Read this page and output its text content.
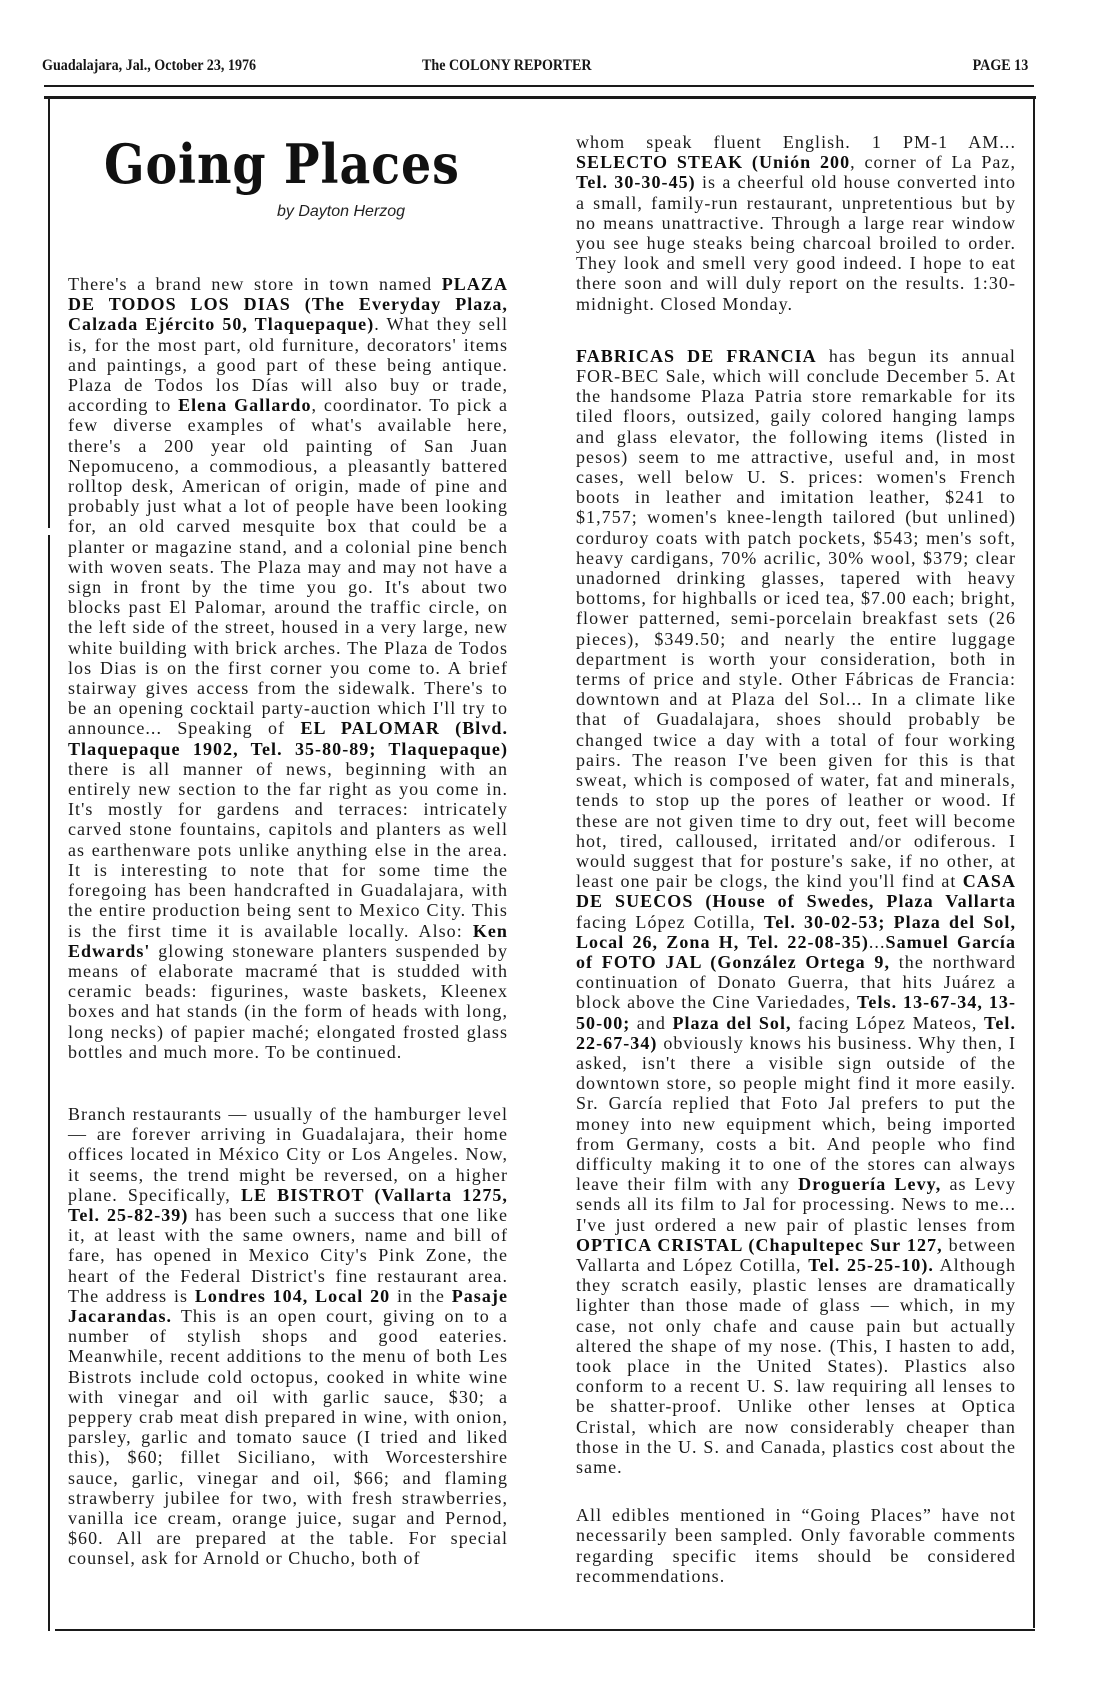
Guadalajara, Jal., October 23, 1976	The COLONY REPORTER	PAGE 13
Going Places
by Dayton Herzog

There's a brand new store in town named PLAZA DE TODOS LOS DIAS (The Everyday Plaza, Calzada Ejército 50, Tlaquepaque). What they sell is, for the most part, old furniture, decorators' items and paintings, a good part of these being antique. Plaza de Todos los Días will also buy or trade, according to Elena Gallardo, coordinator. To pick a few diverse examples of what's available here, there's a 200 year old painting of San Juan Nepomuceno, a commodious, a pleasantly battered rolltop desk, American of origin, made of pine and probably just what a lot of people have been looking for, an old carved mesquite box that could be a planter or magazine stand, and a colonial pine bench with woven seats. The Plaza may and may not have a sign in front by the time you go. It's about two blocks past El Palomar, around the traffic circle, on the left side of the street, housed in a very large, new white building with brick arches. The Plaza de Todos los Dias is on the first corner you come to. A brief stairway gives access from the sidewalk. There's to be an opening cocktail party-auction which I'll try to announce... Speaking of EL PALOMAR (Blvd. Tlaquepaque 1902, Tel. 35-80-89; Tlaquepaque) there is all manner of news, beginning with an entirely new section to the far right as you come in. It's mostly for gardens and terraces: intricately carved stone fountains, capitols and planters as well as earthenware pots unlike anything else in the area. It is interesting to note that for some time the foregoing has been handcrafted in Guadalajara, with the entire production being sent to Mexico City. This is the first time it is available locally. Also: Ken Edwards' glowing stoneware planters suspended by means of elaborate macramé that is studded with ceramic beads: figurines, waste baskets, Kleenex boxes and hat stands (in the form of heads with long, long necks) of papier maché; elongated frosted glass bottles and much more. To be continued.

Branch restaurants — usually of the hamburger level — are forever arriving in Guadalajara, their home offices located in México City or Los Angeles. Now, it seems, the trend might be reversed, on a higher plane. Specifically, LE BISTROT (Vallarta 1275, Tel. 25-82-39) has been such a success that one like it, at least with the same owners, name and bill of fare, has opened in Mexico City's Pink Zone, the heart of the Federal District's fine restaurant area. The address is Londres 104, Local 20 in the Pasaje Jacarandas. This is an open court, giving on to a number of stylish shops and good eateries. Meanwhile, recent additions to the menu of both Les Bistrots include cold octopus, cooked in white wine with vinegar and oil with garlic sauce, $30; a peppery crab meat dish prepared in wine, with onion, parsley, garlic and tomato sauce (I tried and liked this), $60; fillet Siciliano, with Worcestershire sauce, garlic, vinegar and oil, $66; and flaming strawberry jubilee for two, with fresh strawberries, vanilla ice cream, orange juice, sugar and Pernod, $60. All are prepared at the table. For special counsel, ask for Arnold or Chucho, both of

whom speak fluent English. 1 PM-1 AM... SELECTO STEAK (Unión 200, corner of La Paz, Tel. 30-30-45) is a cheerful old house converted into a small, family-run restaurant, unpretentious but by no means unattractive. Through a large rear window you see huge steaks being charcoal broiled to order. They look and smell very good indeed. I hope to eat there soon and will duly report on the results. 1:30-midnight. Closed Monday.

FABRICAS DE FRANCIA has begun its annual FOR-BEC Sale, which will conclude December 5. At the handsome Plaza Patria store remarkable for its tiled floors, outsized, gaily colored hanging lamps and glass elevator, the following items (listed in pesos) seem to me attractive, useful and, in most cases, well below U. S. prices: women's French boots in leather and imitation leather, $241 to $1,757; women's knee-length tailored (but unlined) corduroy coats with patch pockets, $543; men's soft, heavy cardigans, 70% acrilic, 30% wool, $379; clear unadorned drinking glasses, tapered with heavy bottoms, for highballs or iced tea, $7.00 each; bright, flower patterned, semi-porcelain breakfast sets (26 pieces), $349.50; and nearly the entire luggage department is worth your consideration, both in terms of price and style. Other Fábricas de Francia: downtown and at Plaza del Sol... In a climate like that of Guadalajara, shoes should probably be changed twice a day with a total of four working pairs. The reason I've been given for this is that sweat, which is composed of water, fat and minerals, tends to stop up the pores of leather or wood. If these are not given time to dry out, feet will become hot, tired, calloused, irritated and/or odiferous. I would suggest that for posture's sake, if no other, at least one pair be clogs, the kind you'll find at CASA DE SUECOS (House of Swedes, Plaza Vallarta facing López Cotilla, Tel. 30-02-53; Plaza del Sol, Local 26, Zona H, Tel. 22-08-35)...Samuel García of FOTO JAL (González Ortega 9, the northward continuation of Donato Guerra, that hits Juárez a block above the Cine Variedades, Tels. 13-67-34, 13-50-00; and Plaza del Sol, facing López Mateos, Tel. 22-67-34) obviously knows his business. Why then, I asked, isn't there a visible sign outside of the downtown store, so people might find it more easily. Sr. García replied that Foto Jal prefers to put the money into new equipment which, being imported from Germany, costs a bit. And people who find difficulty making it to one of the stores can always leave their film with any Droguería Levy, as Levy sends all its film to Jal for processing. News to me... I've just ordered a new pair of plastic lenses from OPTICA CRISTAL (Chapultepec Sur 127, between Vallarta and López Cotilla, Tel. 25-25-10). Although they scratch easily, plastic lenses are dramatically lighter than those made of glass — which, in my case, not only chafe and cause pain but actually altered the shape of my nose. (This, I hasten to add, took place in the United States). Plastics also conform to a recent U. S. law requiring all lenses to be shatter-proof. Unlike other lenses at Optica Cristal, which are now considerably cheaper than those in the U. S. and Canada, plastics cost about the same.

All edibles mentioned in “Going Places” have not necessarily been sampled. Only favorable comments regarding specific items should be considered recommendations.
